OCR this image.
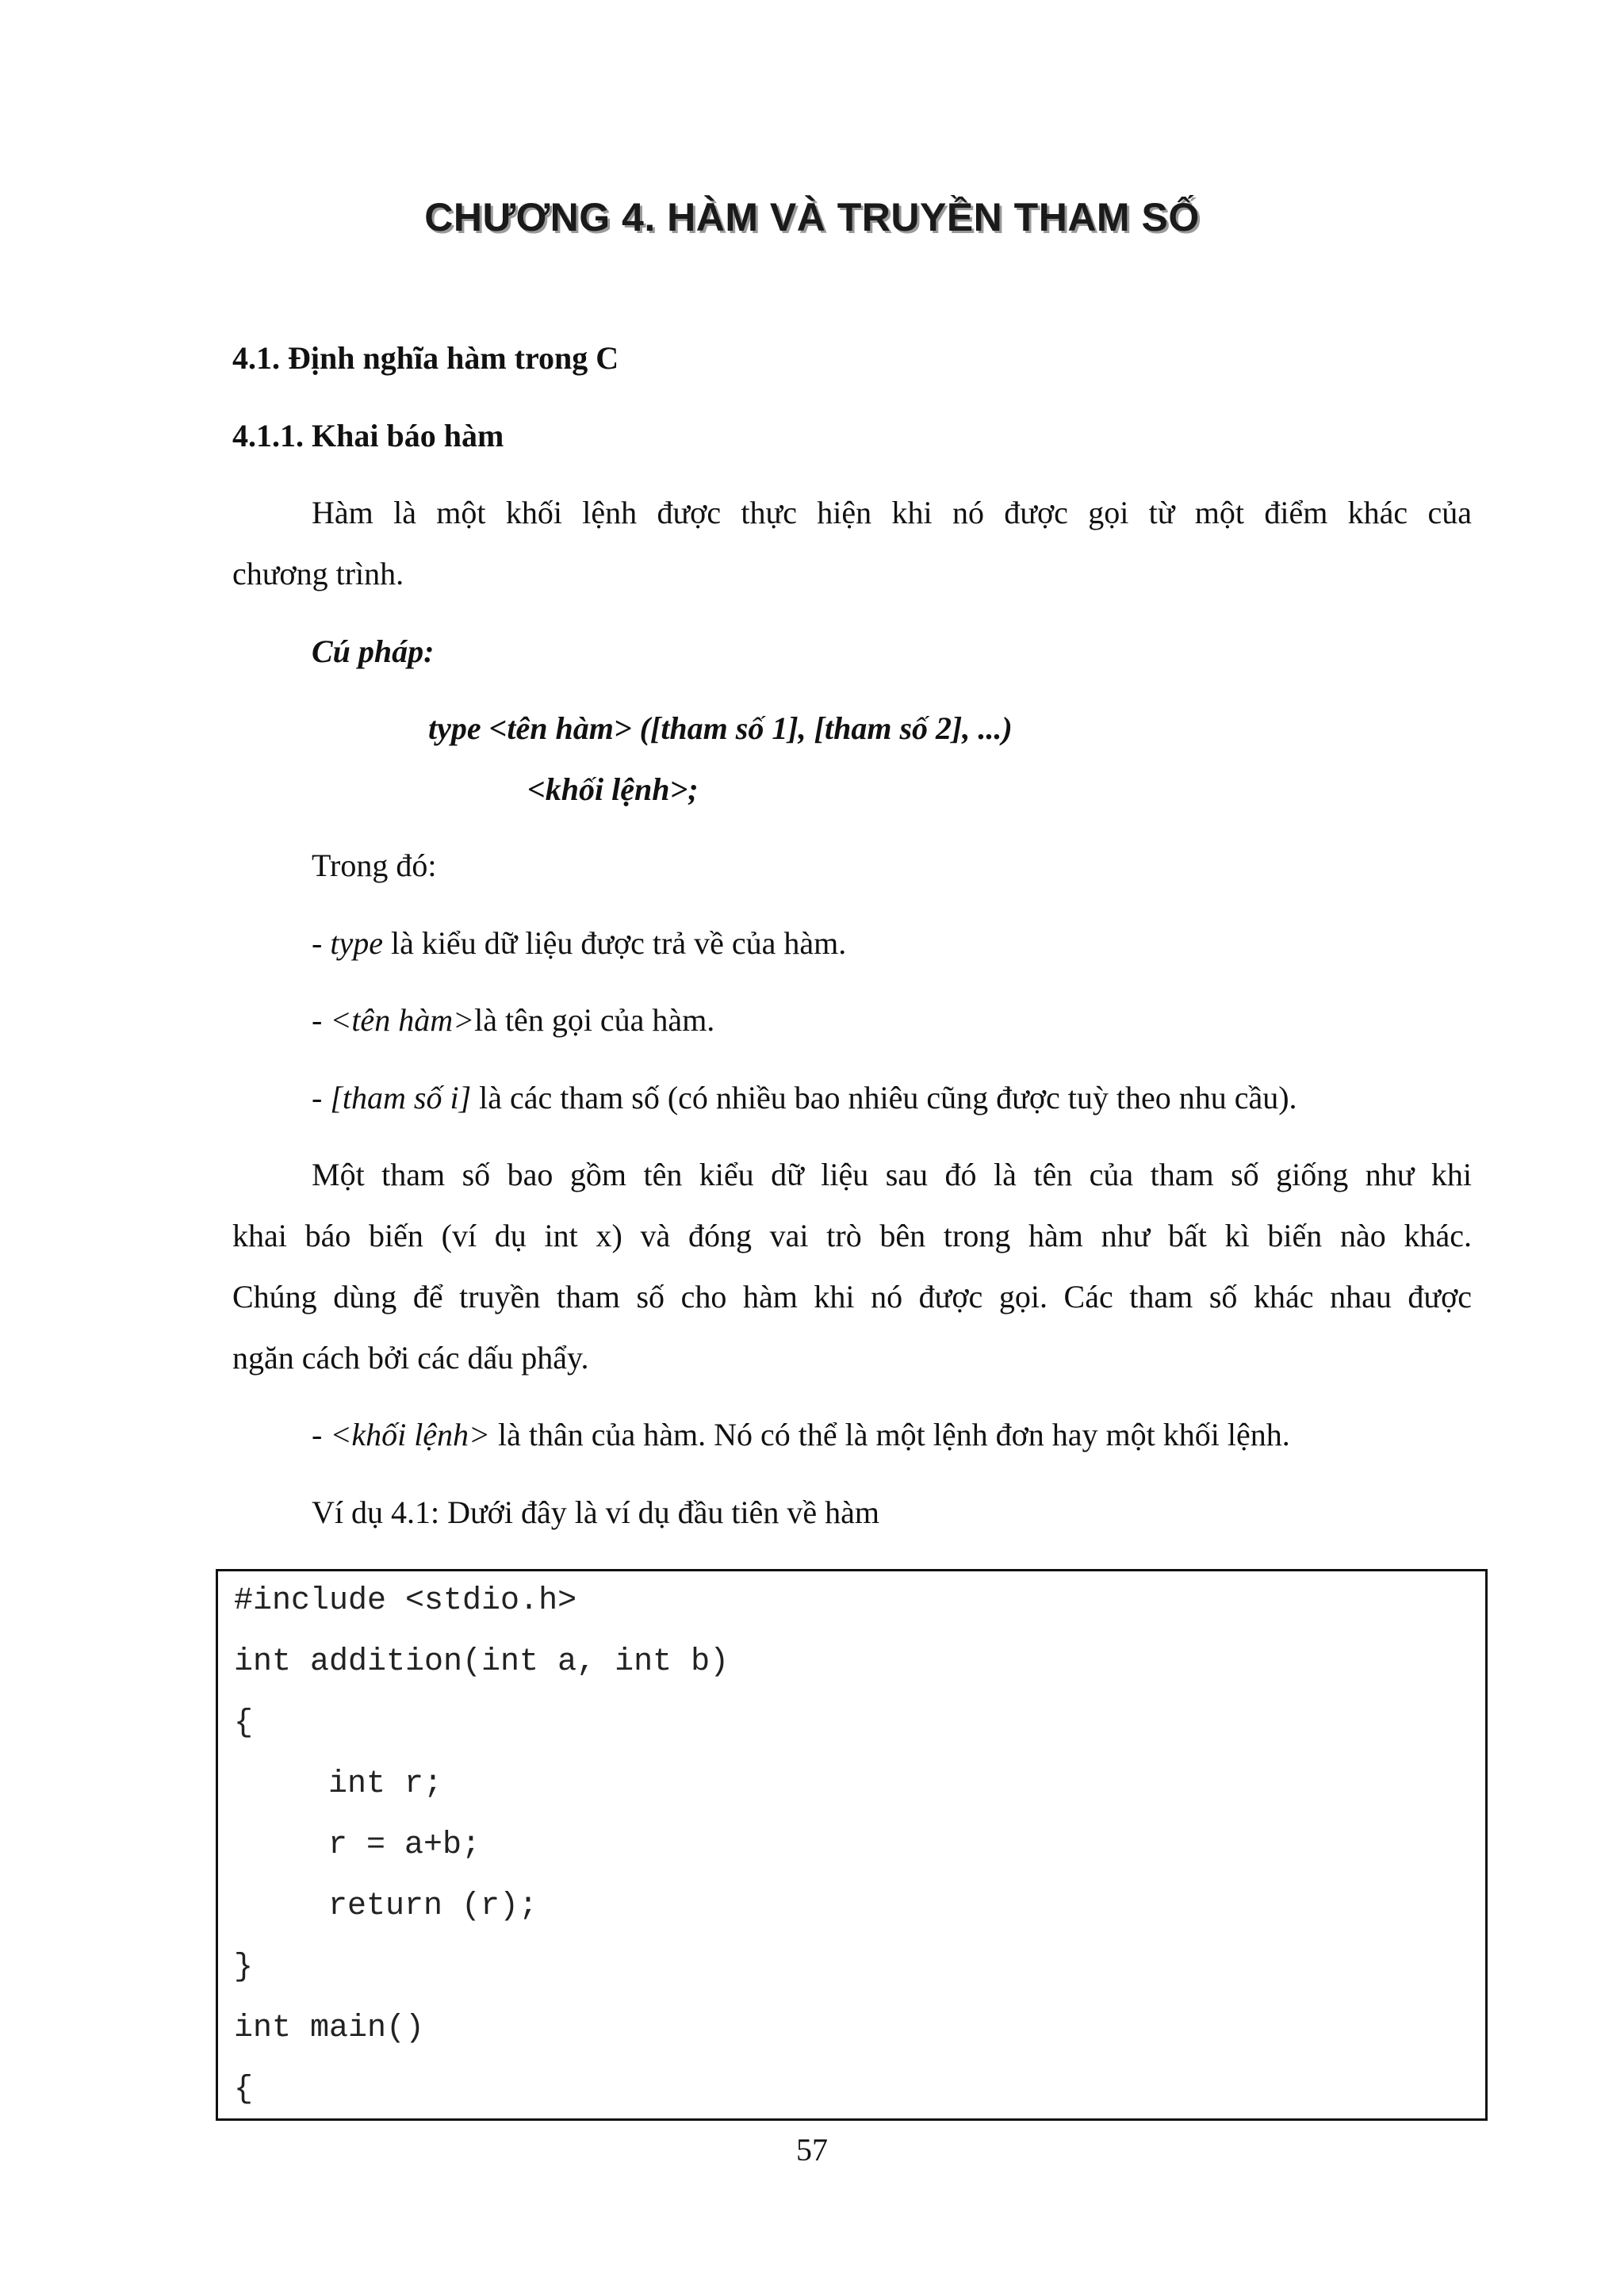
CHƯƠNG 4. HÀM VÀ TRUYỀN THAM SỐ
4.1. Định nghĩa hàm trong C
4.1.1. Khai báo hàm
Hàm là một khối lệnh được thực hiện khi nó được gọi từ một điểm khác của
chương trình.
Cú pháp:
type <tên hàm> ([tham số 1], [tham số 2], ...)
<khối lệnh>;
Trong đó:
- type là kiểu dữ liệu được trả về của hàm.
- <tên hàm>là tên gọi của hàm.
- [tham số i] là các tham số (có nhiều bao nhiêu cũng được tuỳ theo nhu cầu).
Một tham số bao gồm tên kiểu dữ liệu sau đó là tên của tham số giống như khi
khai báo biến (ví dụ int x) và đóng vai trò bên trong hàm như bất kì biến nào khác.
Chúng dùng để truyền tham số cho hàm khi nó được gọi. Các tham số khác nhau được
ngăn cách bởi các dấu phẩy.
- <khối lệnh> là thân của hàm. Nó có thể là một lệnh đơn hay một khối lệnh.
Ví dụ 4.1: Dưới đây là ví dụ đầu tiên về hàm
#include <stdio.h>
int addition(int a, int b)
{
int r;
r = a+b;
return (r);
}
int main()
{
57
